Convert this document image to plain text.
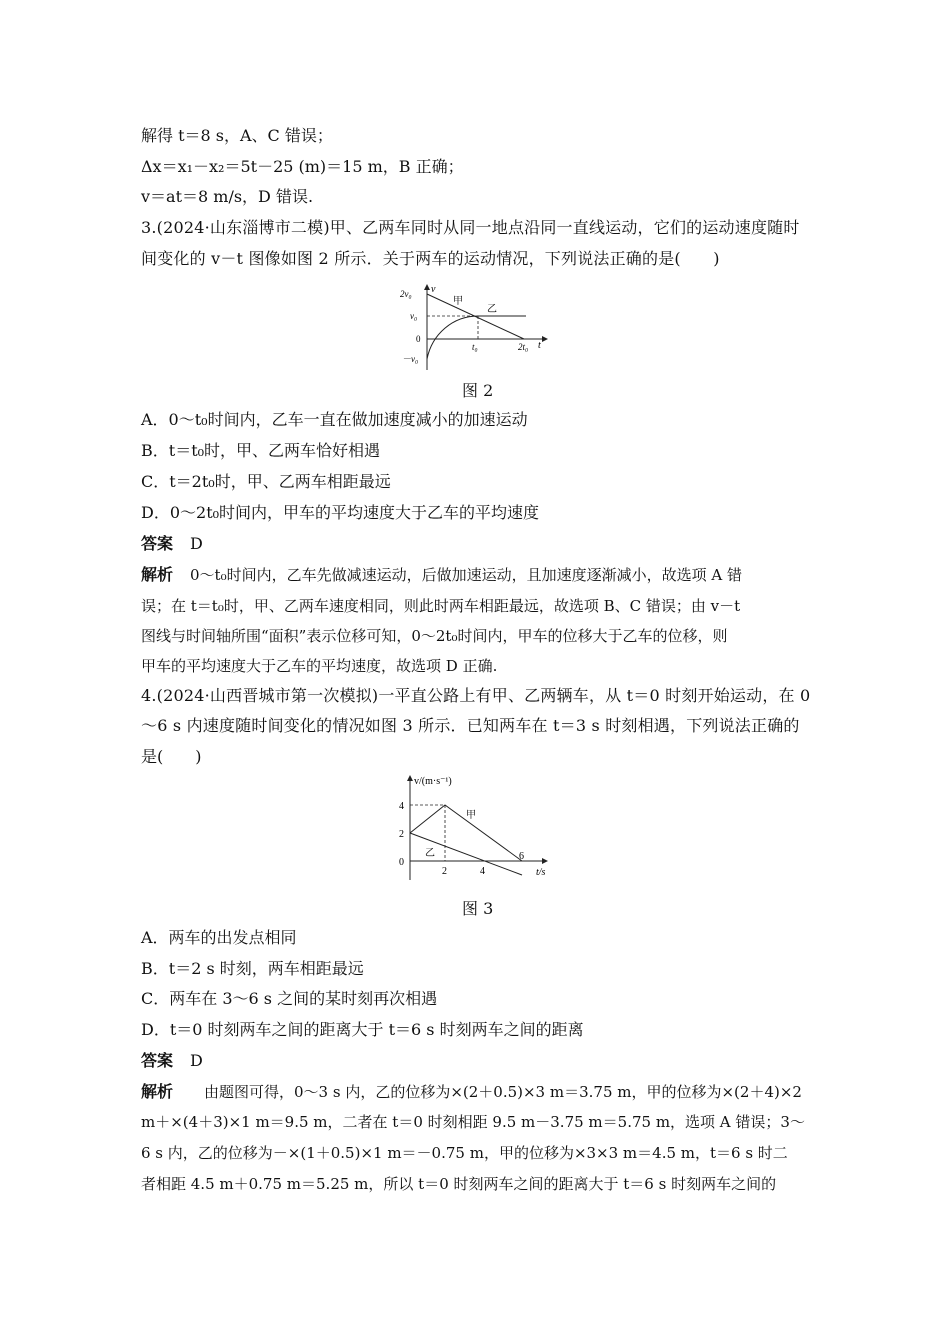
解得 t＝8 s，A、C 错误；
Δx＝x₁－x₂＝5t－25 (m)＝15 m，B 正确；
v＝at＝8 m/s，D 错误.
3.(2024·山东淄博市二模)甲、乙两车同时从同一地点沿同一直线运动，它们的运动速度随时
间变化的 v－t 图像如图 2 所示．关于两车的运动情况，下列说法正确的是(　　)
v
2v₀
v₀
0
－v₀
t₀	2t₀ t
甲
乙
图 2
A．0～t₀时间内，乙车一直在做加速度减小的加速运动
B．t＝t₀时，甲、乙两车恰好相遇
C．t＝2t₀时，甲、乙两车相距最远
D．0～2t₀时间内，甲车的平均速度大于乙车的平均速度
答案 D
解析 0～t₀时间内，乙车先做减速运动，后做加速运动，且加速度逐渐减小，故选项 A 错
误；在 t＝t₀时，甲、乙两车速度相同，则此时两车相距最远，故选项 B、C 错误；由 v－t
图线与时间轴所围“面积”表示位移可知，0～2t₀时间内，甲车的位移大于乙车的位移，则
甲车的平均速度大于乙车的平均速度，故选项 D 正确.
4.(2024·山西晋城市第一次模拟)一平直公路上有甲、乙两辆车，从 t＝0 时刻开始运动，在 0
～6 s 内速度随时间变化的情况如图 3 所示．已知两车在 t＝3 s 时刻相遇，下列说法正确的
是(　　)
v/(m·s⁻¹)
4
2
0
2	4
6
t/s
甲
乙
图 3
A．两车的出发点相同
B．t＝2 s 时刻，两车相距最远
C．两车在 3～6 s 之间的某时刻再次相遇
D．t＝0 时刻两车之间的距离大于 t＝6 s 时刻两车之间的距离
答案 D
解析 由题图可得，0～3 s 内，乙的位移为×(2＋0.5)×3 m＝3.75 m，甲的位移为×(2＋4)×2
m＋×(4＋3)×1 m＝9.5 m，二者在 t＝0 时刻相距 9.5 m－3.75 m＝5.75 m，选项 A 错误；3～
6 s 内，乙的位移为－×(1＋0.5)×1 m＝－0.75 m，甲的位移为×3×3 m＝4.5 m，t＝6 s 时二
者相距 4.5 m＋0.75 m＝5.25 m，所以 t＝0 时刻两车之间的距离大于 t＝6 s 时刻两车之间的
